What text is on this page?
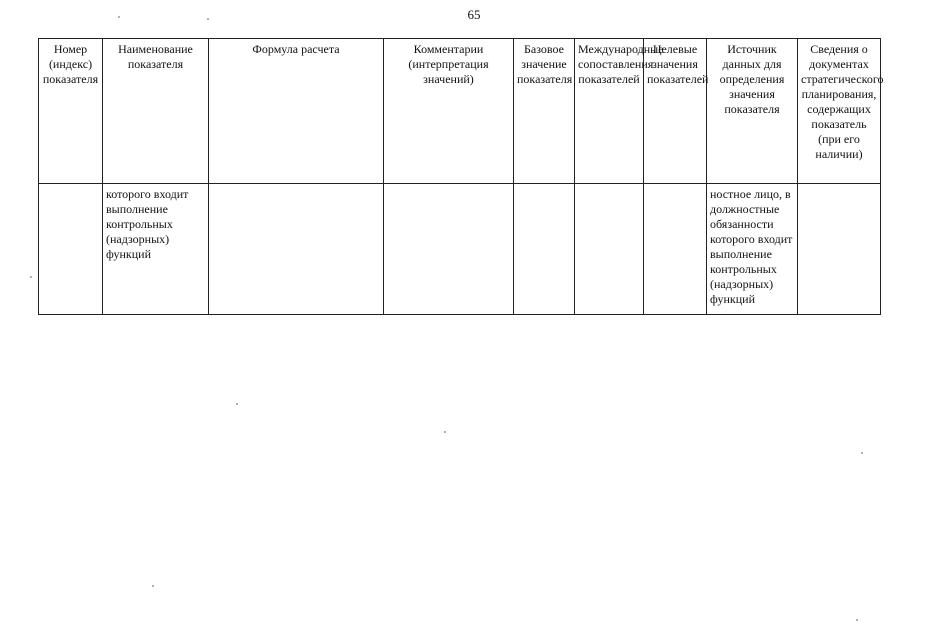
65
Номер (индекс) показателя	Наименование показателя	Формула расчета	Комментарии (интерпретация значений)	Базовое значение показателя	Международные сопоставления показателей	Целевые значения показателей	Источник данных для определения значения показателя	Сведения о документах стратегического планирования, содержащих показатель (при его наличии)
	которого входит выполнение контрольных (надзорных) функций						ностное лицо, в должностные обязанности которого входит выполнение контрольных (надзорных) функций	
